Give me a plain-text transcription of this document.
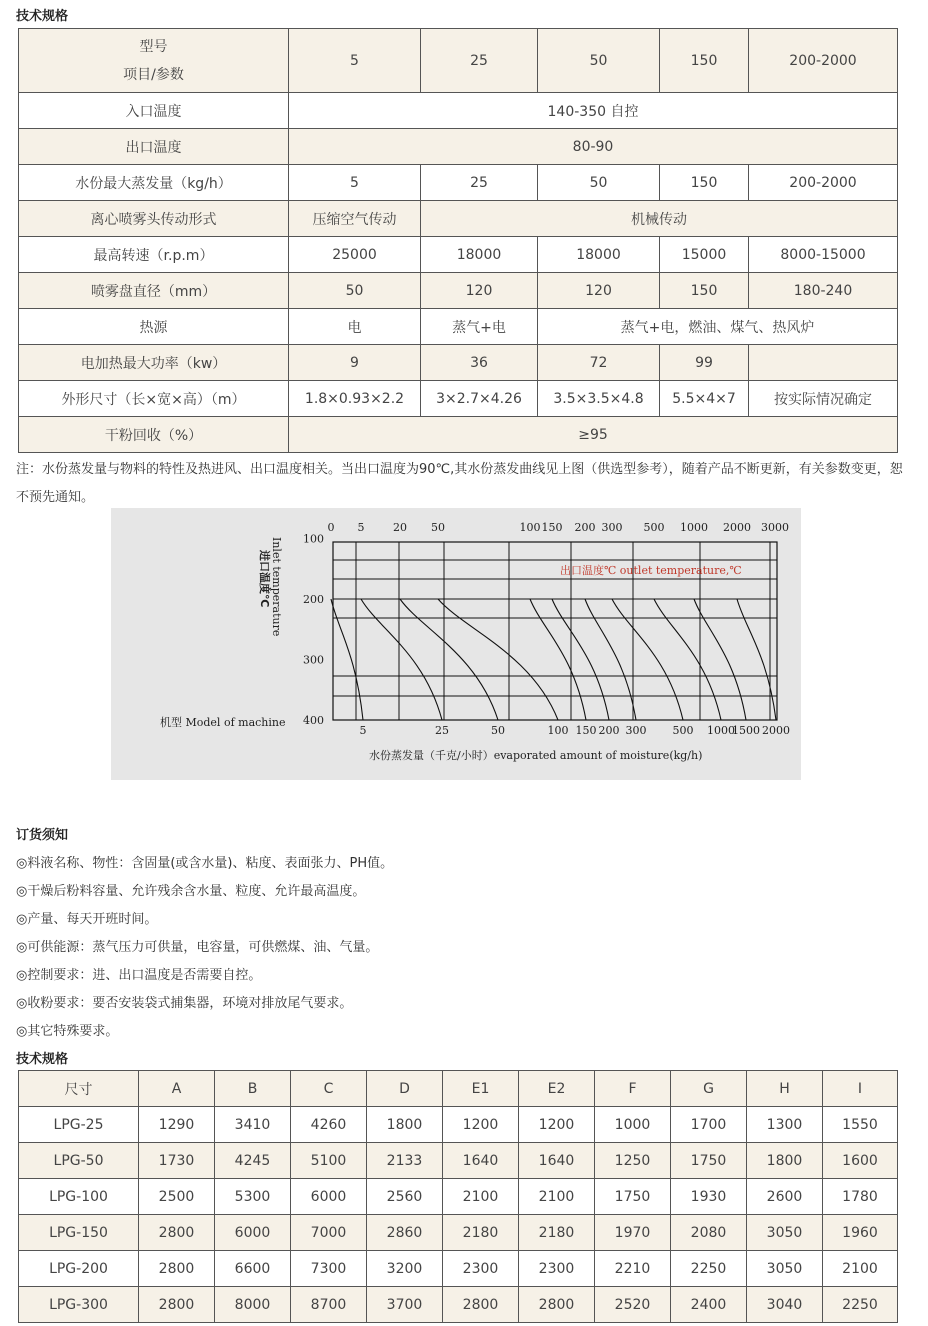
技术规格
型号
项目/参数	5	25	50	150	200-2000
入口温度	140-350 自控				
出口温度	80-90				
水份最大蒸发量（kg/h）	5	25	50	150	200-2000
离心喷雾头传动形式	压缩空气传动	机械传动			
最高转速（r.p.m）	25000	18000	18000	15000	8000-15000
喷雾盘直径（mm）	50	120	120	150	180-240
热源	电	蒸气+电	蒸气+电，燃油、煤气、热风炉		
电加热最大功率（kw）	9	36	72	99	
外形尺寸（长×宽×高）（m）	1.8×0.93×2.2	3×2.7×4.26	3.5×3.5×4.8	5.5×4×7	按实际情况确定
干粉回收（%）	≥95				
注：水份蒸发量与物料的特性及热进风、出口温度相关。当出口温度为90℃,其水份蒸发曲线见上图（供选型参考），随着产品不断更新，有关参数变更，恕不预先通知。
0 5	20 50	100 150 200 300 500 1000 2000 3000
5	25	50	100 150 200 300 500 1000
1500 2000
100
200
300
400
进口温度℃ Inlet temperature	出口温度℃ outlet temperature,℃
机型 Model of machine
水份蒸发量（千克/小时）evaporated amount of moisture(kg/h)
订货须知
◎料液名称、物性：含固量(或含水量)、粘度、表面张力、PH值。
◎干燥后粉料容量、允许残余含水量、粒度、允许最高温度。
◎产量、每天开班时间。
◎可供能源：蒸气压力可供量，电容量，可供燃煤、油、气量。
◎控制要求：进、出口温度是否需要自控。
◎收粉要求：要否安装袋式捕集器，环境对排放尾气要求。
◎其它特殊要求。
技术规格
尺寸	A	B	C	D	E1	E2	F	G	H	I
LPG-25	1290	3410	4260	1800	1200	1200	1000	1700	1300	1550
LPG-50	1730	4245	5100	2133	1640	1640	1250	1750	1800	1600
LPG-100	2500	5300	6000	2560	2100	2100	1750	1930	2600	1780
LPG-150	2800	6000	7000	2860	2180	2180	1970	2080	3050	1960
LPG-200	2800	6600	7300	3200	2300	2300	2210	2250	3050	2100
LPG-300	2800	8000	8700	3700	2800	2800	2520	2400	3040	2250
